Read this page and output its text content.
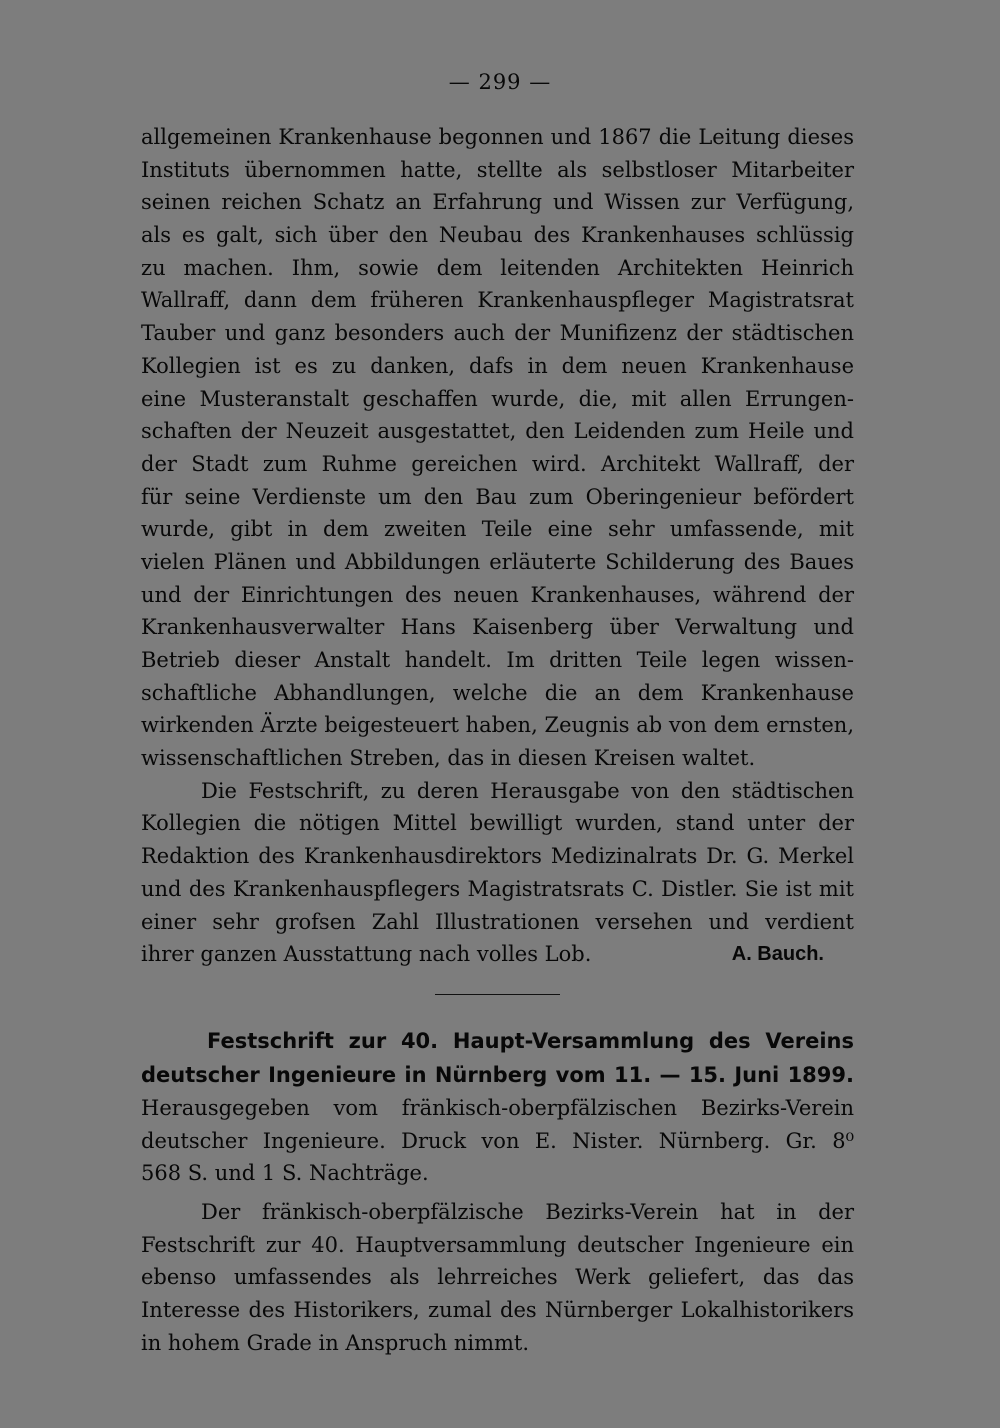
— 299 —
allgemeinen Krankenhause begonnen und 1867 die Leitung dieses
Instituts übernommen hatte, stellte als selbstloser Mitarbeiter
seinen reichen Schatz an Erfahrung und Wissen zur Verfügung,
als es galt, sich über den Neubau des Krankenhauses schlüssig
zu machen. Ihm, sowie dem leitenden Architekten Heinrich
Wallraff, dann dem früheren Krankenhauspfleger Magistratsrat
Tauber und ganz besonders auch der Munifizenz der städtischen
Kollegien ist es zu danken, dafs in dem neuen Krankenhause
eine Musteranstalt geschaffen wurde, die, mit allen Errungen-
schaften der Neuzeit ausgestattet, den Leidenden zum Heile und
der Stadt zum Ruhme gereichen wird. Architekt Wallraff, der
für seine Verdienste um den Bau zum Oberingenieur befördert
wurde, gibt in dem zweiten Teile eine sehr umfassende, mit
vielen Plänen und Abbildungen erläuterte Schilderung des Baues
und der Einrichtungen des neuen Krankenhauses, während der
Krankenhausverwalter Hans Kaisenberg über Verwaltung und
Betrieb dieser Anstalt handelt. Im dritten Teile legen wissen-
schaftliche Abhandlungen, welche die an dem Krankenhause
wirkenden Ärzte beigesteuert haben, Zeugnis ab von dem ernsten,
wissenschaftlichen Streben, das in diesen Kreisen waltet.
Die Festschrift, zu deren Herausgabe von den städtischen
Kollegien die nötigen Mittel bewilligt wurden, stand unter der
Redaktion des Krankenhausdirektors Medizinalrats Dr. G. Merkel
und des Krankenhauspflegers Magistratsrats C. Distler. Sie ist mit
einer sehr grofsen Zahl Illustrationen versehen und verdient
ihrer ganzen Ausstattung nach volles Lob.	A. Bauch.
Festschrift zur 40. Haupt-Versammlung des Vereins
deutscher Ingenieure in Nürnberg vom 11. — 15. Juni 1899.
Herausgegeben vom fränkisch-oberpfälzischen Bezirks-Verein
deutscher Ingenieure. Druck von E. Nister. Nürnberg. Gr. 8⁰
568 S. und 1 S. Nachträge.
Der fränkisch-oberpfälzische Bezirks-Verein hat in der
Festschrift zur 40. Hauptversammlung deutscher Ingenieure ein
ebenso umfassendes als lehrreiches Werk geliefert, das das
Interesse des Historikers, zumal des Nürnberger Lokalhistorikers
in hohem Grade in Anspruch nimmt.
